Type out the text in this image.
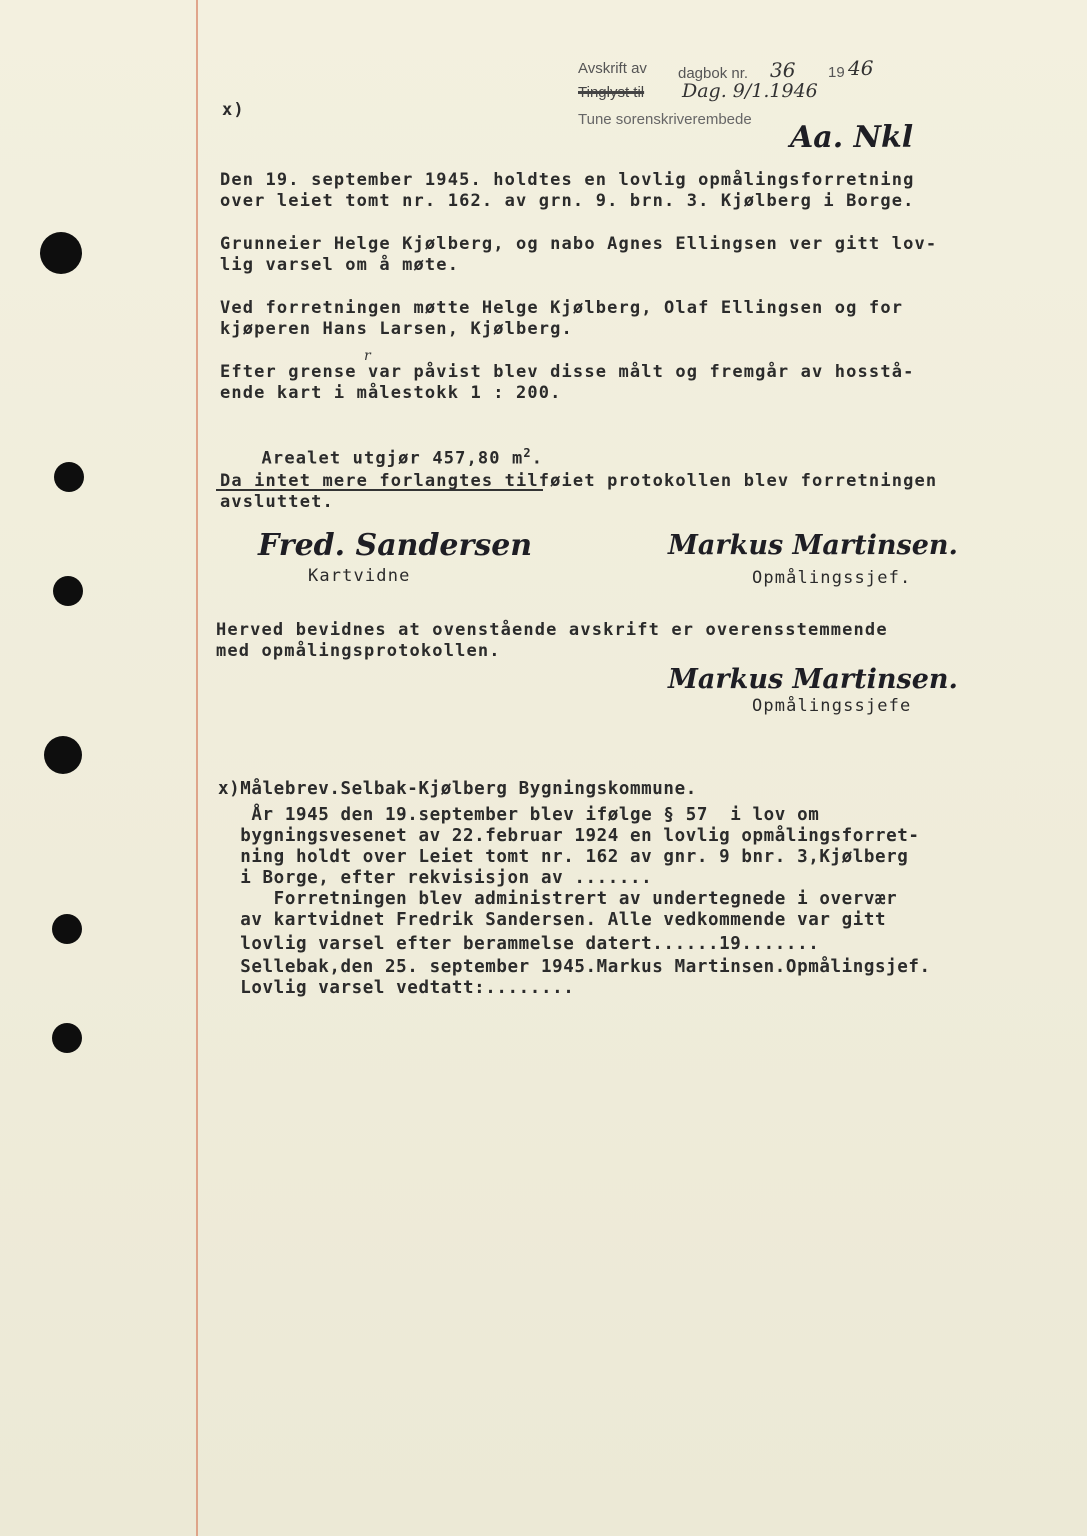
Avskrift av dagbok nr. 36 19 46
Tinglyst til Dag. 9/1.1946
Tune sorenskriverembede
Aa. Nkl
x)
Den 19. september 1945. holdtes en lovlig opmålingsforretning
over leiet tomt nr. 162. av grn. 9. brn. 3. Kjølberg i Borge.
Grunneier Helge Kjølberg, og nabo Agnes Ellingsen ver gitt lov-
lig varsel om å møte.
Ved forretningen møtte Helge Kjølberg, Olaf Ellingsen og for
kjøperen Hans Larsen, Kjølberg.
Efter grense var påvist blev disse målt og fremgår av hosstå-
r
ende kart i målestokk 1 : 200.

Arealet utgjør 457,80 $m^2$.

Da intet mere forlangtes tilføiet protokollen blev forretningen
avsluttet.
Fred. Sandersen
Kartvidne
Markus Martinsen.
Opmålingssjef.
Herved bevidnes at ovenstående avskrift er overensstemmende
med opmålingsprotokollen.
Markus Martinsen.
Opmålingssjefe
x)Målebrev.Selbak-Kjølberg Bygningskommune.
År 1945 den 19.september blev ifølge § 57  i lov om
bygningsvesenet av 22.februar 1924 en lovlig opmålingsforret-
ning holdt over Leiet tomt nr. 162 av gnr. 9 bnr. 3,Kjølberg
i Borge, efter rekvisisjon av .......
Forretningen blev administrert av undertegnede i overvær
av kartvidnet Fredrik Sandersen. Alle vedkommende var gitt
lovlig varsel efter berammelse datert......19.......
Sellebak,den 25. september 1945.Markus Martinsen.Opmålingsjef.
Lovlig varsel vedtatt:........
